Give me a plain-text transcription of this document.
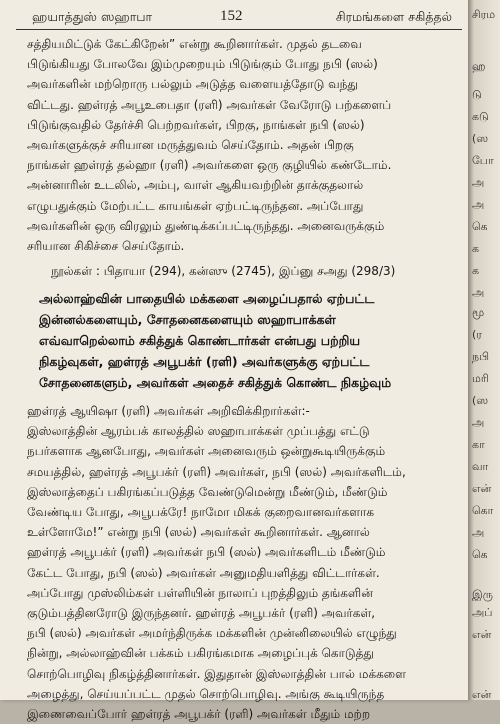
ஹயாத்துஸ் ஸஹாபா	152	சிரமங்களை சகித்தல்
சத்தியமிட்டுக் கேட்கிறேன்” என்று கூறினார்கள். முதல் தடவை
பிடுங்கியது போலவே இம்முறையும் பிடுங்கும் போது நபி (ஸல்)
அவர்களின் மற்றொரு பல்லும் அடுத்த வளையத்தோடு வந்து
விட்டது. ஹள்ரத் அபூஉபைதா (ரளி) அவர்கள் வேரோடு பற்களைப்
பிடுங்குவதில் தேர்ச்சி பெற்றவர்கள், பிறகு, நாங்கள் நபி (ஸல்)
அவர்களுக்குச் சரியான மருத்துவம் செய்தோம். அதன் பிறகு
நாங்கள் ஹள்ரத் தல்ஹா (ரளி) அவர்களை ஒரு குழியில் கண்டோம்.
அன்னாரின் உடலில், அம்பு, வாள் ஆகியவற்றின் தாக்குதலால்
எழுபதுக்கும் மேற்பட்ட காயங்கள் ஏற்பட்டிருந்தன. அப்போது
அவர்களின் ஒரு விரலும் துண்டிக்கப்பட்டிருந்தது. அனைவருக்கும்
சரியான சிகிச்சை செய்தோம்.
நூல்கள் : பிதாயா (294), கன்ஸு (2745), இப்னு சஅது (298/3)
அல்லாஹ்வின் பாதையில் மக்களை அழைப்பதால் ஏற்பட்ட
இன்னல்களையும், சோதனைகளையும் ஸஹாபாக்கள்
எவ்வாறெல்லாம் சகித்துக் கொண்டார்கள் என்பது பற்றிய
நிகழ்வுகள், ஹள்ரத் அபூபக்ர் (ரளி) அவர்களுக்கு ஏற்பட்ட
சோதனைகளும், அவர்கள் அதைச் சகித்துக் கொண்ட நிகழ்வும்
ஹள்ரத் ஆயிஷா (ரளி) அவர்கள் அறிவிக்கிறார்கள்:-
இஸ்லாத்தின் ஆரம்பக் காலத்தில் ஸஹாபாக்கள் முப்பத்து எட்டு
நபர்களாக ஆனபோது, அவர்கள் அனைவரும் ஒன்றுகூடியிருக்கும்
சமயத்தில், ஹள்ரத் அபூபக்ர் (ரளி) அவர்கள், நபி (ஸல்) அவர்களிடம்,
இஸ்லாத்தைப் பகிரங்கப்படுத்த வேண்டுமென்று மீண்டும், மீண்டும்
வேண்டிய போது, அபூபக்ரே! நாமோ மிகக் குறைவானவர்களாக
உள்ளோமே!” என்று நபி (ஸல்) அவர்கள் கூறினார்கள். ஆனால்
ஹள்ரத் அபூபக்ர் (ரளி) அவர்கள் நபி (ஸல்) அவர்களிடம் மீண்டும்
கேட்ட போது, நபி (ஸல்) அவர்கள் அனுமதியளித்து விட்டார்கள்.
அப்போது முஸ்லிம்கள் பள்ளியின் நாலாப் புறத்திலும் தங்களின்
குடும்பத்தினரோடு இருந்தனர். ஹள்ரத் அபூபக்ர் (ரளி) அவர்கள்,
நபி (ஸல்) அவர்கள் அமர்ந்திருக்க மக்களின் முன்னிலையில் எழுந்து
நின்று, அல்லாஹ்வின் பக்கம் பகிரங்கமாக அழைப்புக் கொடுத்து
சொற்பொழிவு நிகழ்த்தினார்கள். இதுதான் இஸ்லாத்தின் பால் மக்களை
அழைத்து, செய்யப்பட்ட முதல் சொற்பொழிவு. அங்கு கூடியிருந்த
இணைவைப்போர் ஹள்ரத் அபூபக்ர் (ரளி) அவர்கள் மீதும் மற்ற
சிரம
ஹ
டு
கடு
(ஸ
போ
அ
அ
கெ
க
க
அ
மூ
(ர
நபி
மரி
(ஸ
அ
கா
வா
என்
கொ
அ
கெ
இரு
அப்
என்
என்
